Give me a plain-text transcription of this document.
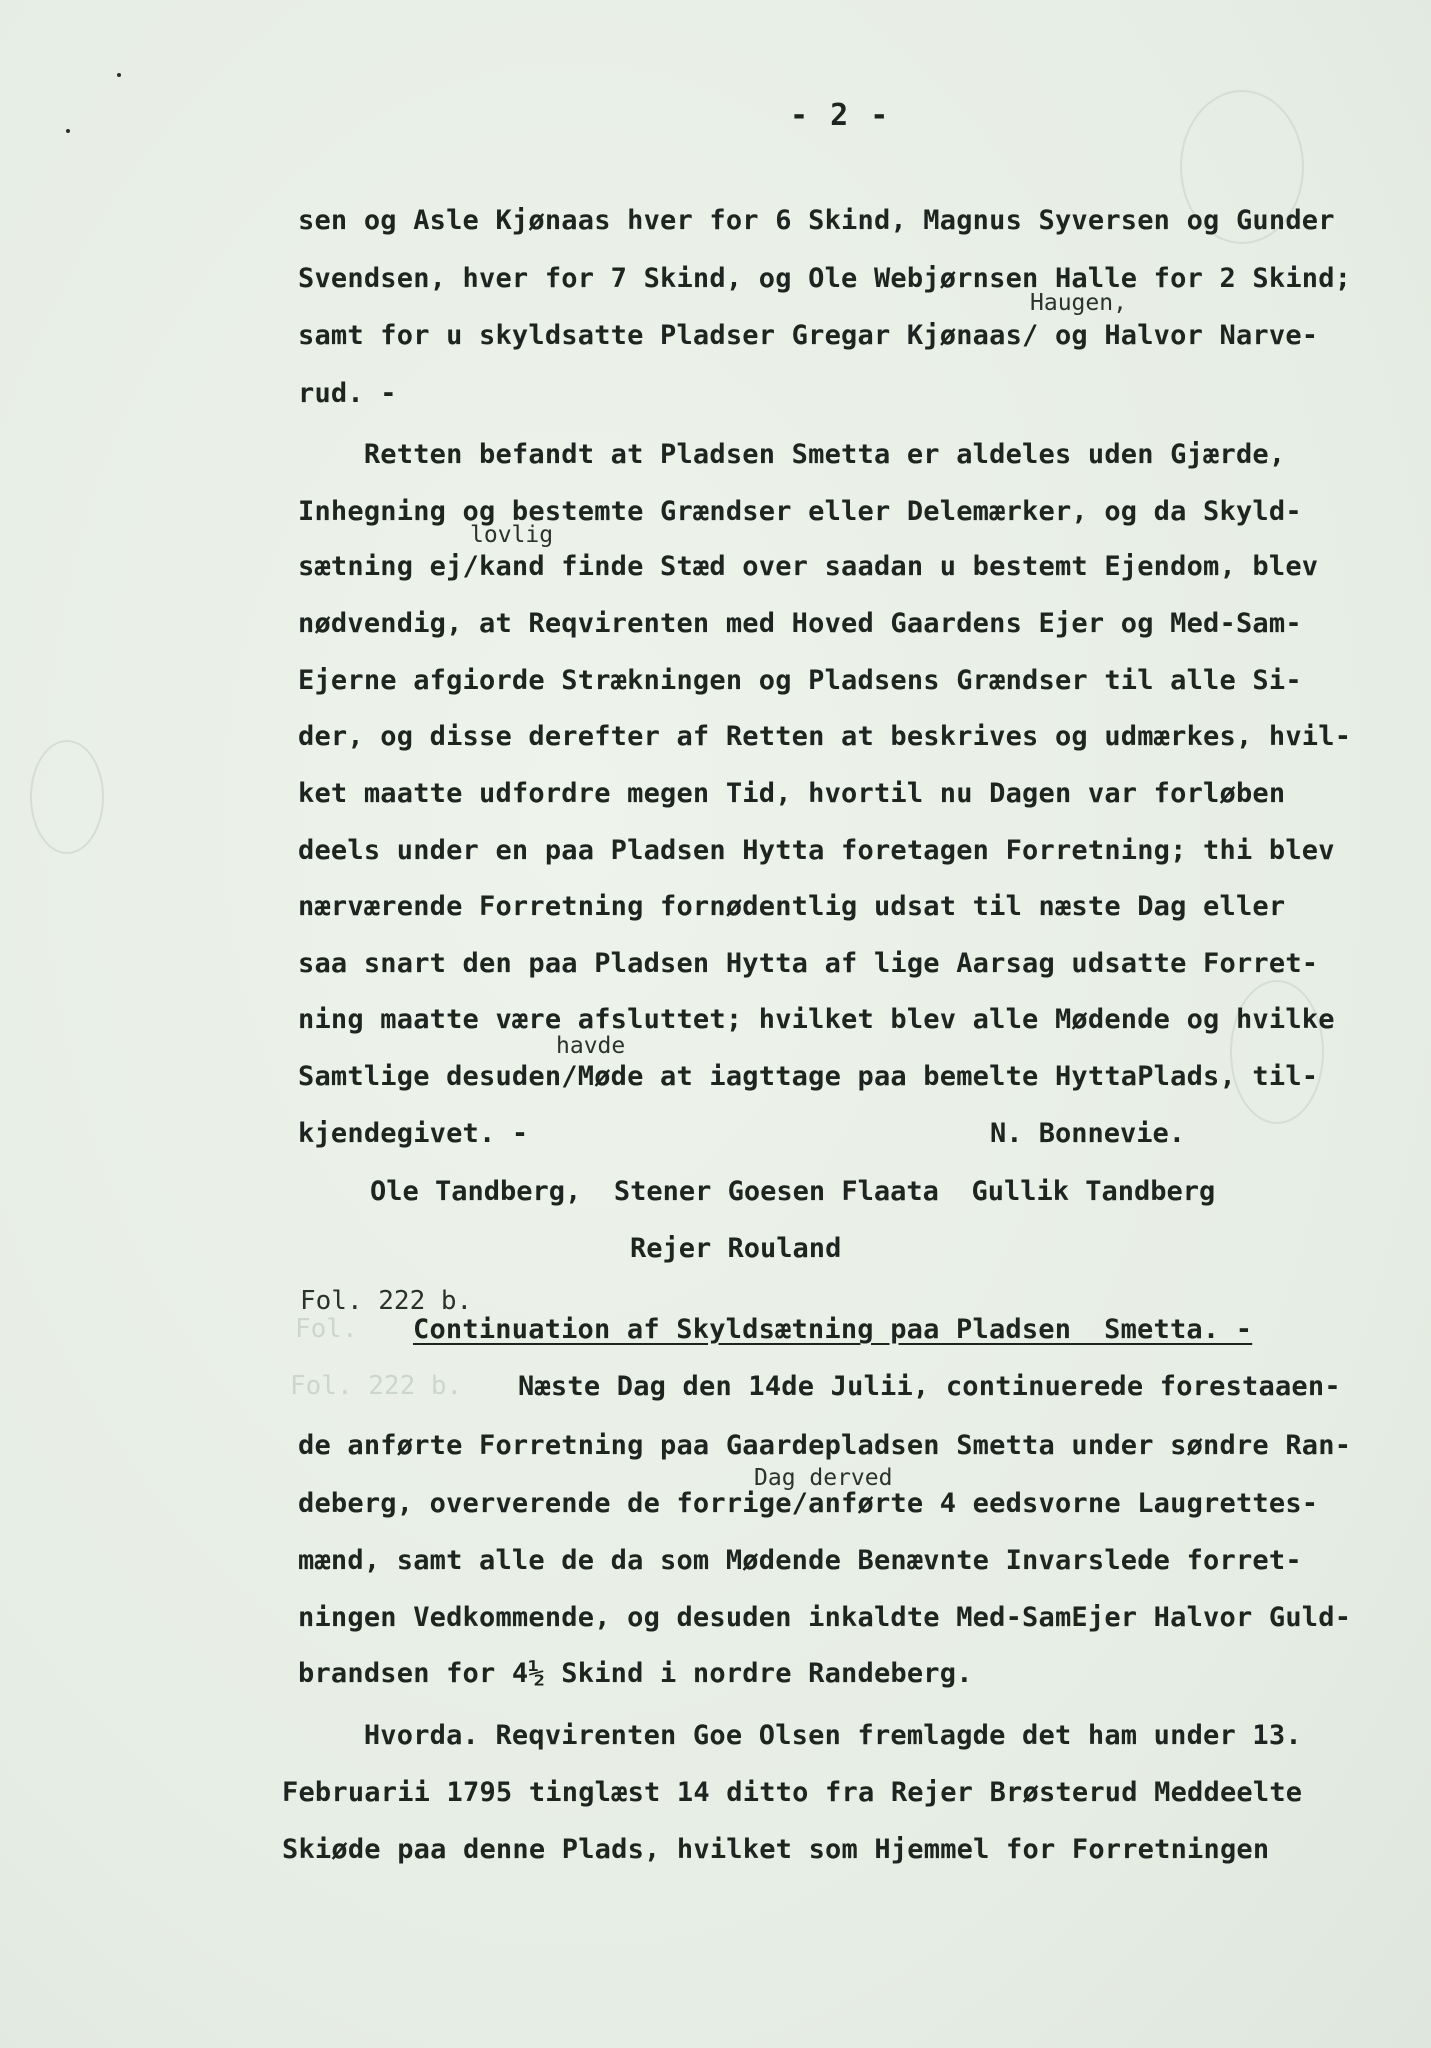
- 2 -
Haugen,
lovlig
havde
Dag derved
sen og Asle Kjønaas hver for 6 Skind, Magnus Syversen og Gunder
Svendsen, hver for 7 Skind, og Ole Webjørnsen Halle for 2 Skind;
samt for u skyldsatte Pladser Gregar Kjønaas/ og Halvor Narve-
rud. -
Retten befandt at Pladsen Smetta er aldeles uden Gjærde,
Inhegning og bestemte Grændser eller Delemærker, og da Skyld-
sætning ej/kand finde Stæd over saadan u bestemt Ejendom, blev
nødvendig, at Reqvirenten med Hoved Gaardens Ejer og Med-Sam-
Ejerne afgiorde Strækningen og Pladsens Grændser til alle Si-
der, og disse derefter af Retten at beskrives og udmærkes, hvil-
ket maatte udfordre megen Tid, hvortil nu Dagen var forløben
deels under en paa Pladsen Hytta foretagen Forretning; thi blev
nærværende Forretning fornødentlig udsat til næste Dag eller
saa snart den paa Pladsen Hytta af lige Aarsag udsatte Forret-
ning maatte være afsluttet; hvilket blev alle Mødende og hvilke
Samtlige desuden/Møde at iagttage paa bemelte HyttaPlads, til-
kjendegivet. -	N. Bonnevie.
Ole Tandberg,  Stener Goesen Flaata  Gullik Tandberg
Rejer Rouland
Fol. 222 b.
Fol.
Fol. 222 b.
Continuation af Skyldsætning paa Pladsen  Smetta. -
Næste Dag den 14de Julii, continuerede forestaaen-
de anførte Forretning paa Gaardepladsen Smetta under søndre Ran-
deberg, oververende de forrige/anførte 4 eedsvorne Laugrettes-
mænd, samt alle de da som Mødende Benævnte Invarslede forret-
ningen Vedkommende, og desuden inkaldte Med-SamEjer Halvor Guld-
brandsen for 4½ Skind i nordre Randeberg.
Hvorda. Reqvirenten Goe Olsen fremlagde det ham under 13.
Februarii 1795 tinglæst 14 ditto fra Rejer Brøsterud Meddeelte
Skiøde paa denne Plads, hvilket som Hjemmel for Forretningen
